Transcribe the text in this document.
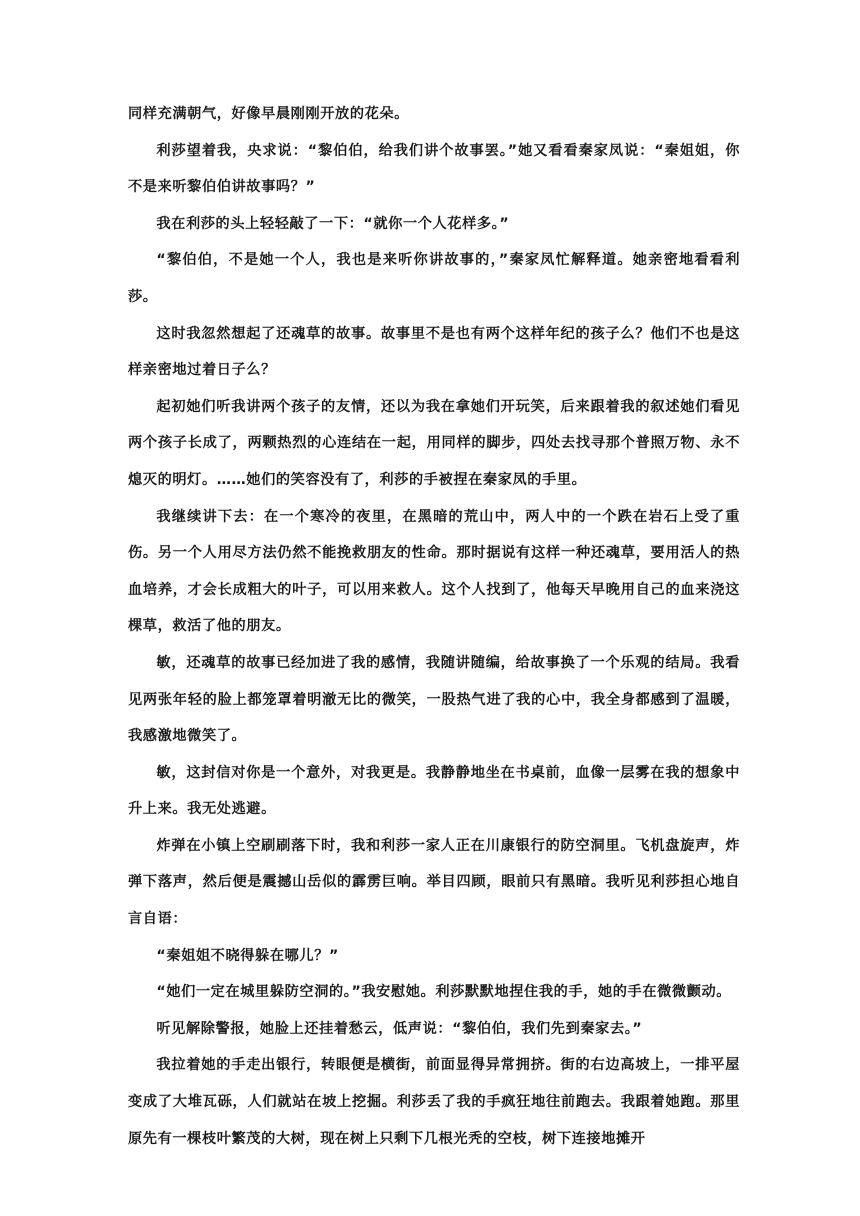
同样充满朝气，好像早晨刚刚开放的花朵。

利莎望着我，央求说：“黎伯伯，给我们讲个故事罢。”她又看看秦家凤说：“秦姐姐，你不是来听黎伯伯讲故事吗？”

我在利莎的头上轻轻敲了一下：“就你一个人花样多。”

“黎伯伯，不是她一个人，我也是来听你讲故事的，”秦家凤忙解释道。她亲密地看看利莎。

这时我忽然想起了还魂草的故事。故事里不是也有两个这样年纪的孩子么？他们不也是这样亲密地过着日子么？

起初她们听我讲两个孩子的友情，还以为我在拿她们开玩笑，后来跟着我的叙述她们看见两个孩子长成了，两颗热烈的心连结在一起，用同样的脚步，四处去找寻那个普照万物、永不熄灭的明灯。……她们的笑容没有了，利莎的手被捏在秦家凤的手里。

我继续讲下去：在一个寒冷的夜里，在黑暗的荒山中，两人中的一个跌在岩石上受了重伤。另一个人用尽方法仍然不能挽救朋友的性命。那时据说有这样一种还魂草，要用活人的热血培养，才会长成粗大的叶子，可以用来救人。这个人找到了，他每天早晚用自己的血来浇这棵草，救活了他的朋友。

敏，还魂草的故事已经加进了我的感情，我随讲随编，给故事换了一个乐观的结局。我看见两张年轻的脸上都笼罩着明澈无比的微笑，一股热气进了我的心中，我全身都感到了温暖，我感激地微笑了。

敏，这封信对你是一个意外，对我更是。我静静地坐在书桌前，血像一层雾在我的想象中升上来。我无处逃避。

炸弹在小镇上空刷刷落下时，我和利莎一家人正在川康银行的防空洞里。飞机盘旋声，炸弹下落声，然后便是震撼山岳似的霹雳巨响。举目四顾，眼前只有黑暗。我听见利莎担心地自言自语：

“秦姐姐不晓得躲在哪儿？”

“她们一定在城里躲防空洞的。”我安慰她。利莎默默地捏住我的手，她的手在微微颤动。

听见解除警报，她脸上还挂着愁云，低声说：“黎伯伯，我们先到秦家去。”

我拉着她的手走出银行，转眼便是横街，前面显得异常拥挤。街的右边高坡上，一排平屋变成了大堆瓦砾，人们就站在坡上挖掘。利莎丢了我的手疯狂地往前跑去。我跟着她跑。那里原先有一棵枝叶繁茂的大树，现在树上只剩下几根光秃的空枝，树下连接地摊开
